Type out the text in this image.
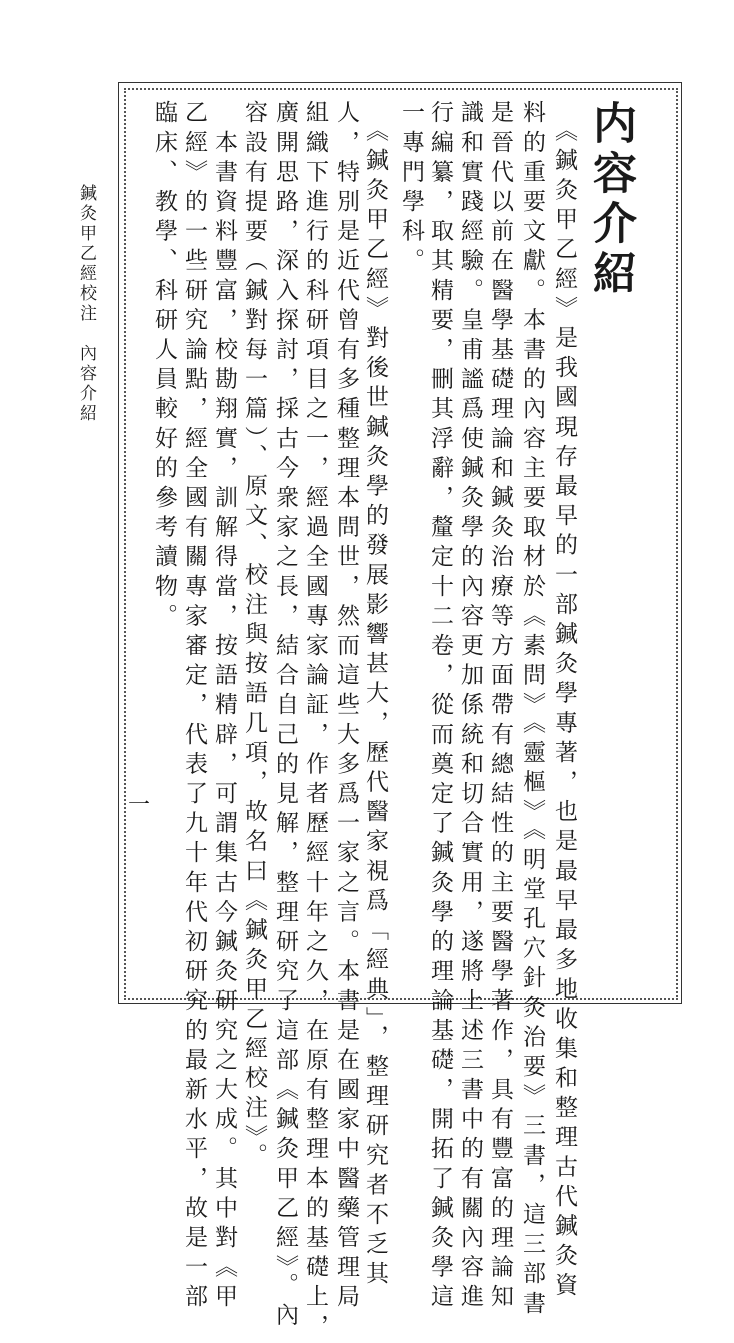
鍼灸甲乙經校注　內容介紹
一
内容介紹
　《鍼灸甲乙經》是我國現存最早的一部鍼灸學專著，也是最早最多地收集和整理古代鍼灸資
料的重要文獻。本書的內容主要取材於《素問》《靈樞》《明堂孔穴針灸治要》三書，這三部書
是晉代以前在醫學基礎理論和鍼灸治療等方面帶有總結性的主要醫學著作，具有豐富的理論知
識和實踐經驗。皇甫謐爲使鍼灸學的內容更加係統和切合實用，遂將上述三書中的有關內容進
行編纂，取其精要，刪其浮辭，釐定十二卷，從而奠定了鍼灸學的理論基礎，開拓了鍼灸學這
一專門學科。
　《鍼灸甲乙經》對後世鍼灸學的發展影響甚大，歷代醫家視爲「經典」，整理研究者不乏其
人，特別是近代曾有多種整理本問世，然而這些大多爲一家之言。本書是在國家中醫藥管理局
組織下進行的科研項目之一，經過全國專家論証，作者歷經十年之久，在原有整理本的基礎上，
廣開思路，深入探討，採古今衆家之長，結合自己的見解，整理研究了這部《鍼灸甲乙經》。內
容設有提要（鍼對每一篇）、原文、校注與按語几項，故名曰《鍼灸甲乙經校注》。
　本書資料豐富，校勘翔實，訓解得當，按語精辟，可謂集古今鍼灸研究之大成。其中對《甲
乙經》的一些研究論點，經全國有關專家審定，代表了九十年代初研究的最新水平，故是一部
臨床、教學、科研人員較好的參考讀物。
